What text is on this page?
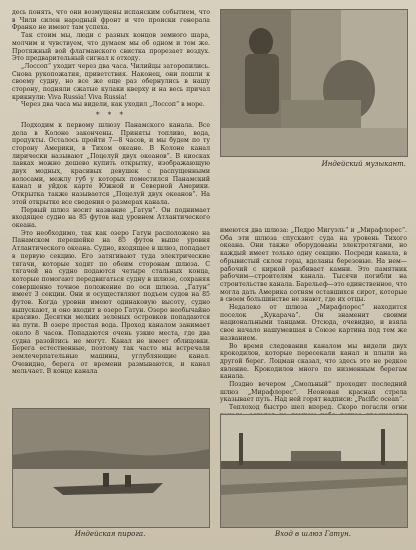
десь понять, что они возмущены испанским событием, что в Чили силен народный фронт и что происки генерала Франко не имеют там успеха.

Так стоим мы, люди с разных концов земного шара, молчим и чувствуем, что думаем мы об одном и том же. Протяжный вой флагманского свистка прорезает воздух. Это предварительный сигнал к отходу.

„Лоссоп“ уходит через два часа. Чилийцы заторопились. Снова рукопожатия, приветствия. Наконец, они пошли к своему судну, но все же еще раз обернулись в нашу сторону, подняли сжатые кулаки кверху и на весь причал крикнули: Viva Russia! Viva Russia!

Через два часа мы видели, как уходил „Лоссоп“ в море.

* * *

Подходим к первому шлюзу Панамского канала. Все дела в Колоне закончены. Приняты топливо, вода, продукты. Осталось пройти 7—8 часов, и мы будем по ту сторону Америки, в Тихом океане. В Колоне канал лирически называют „Поцелуй двух океанов“. В киосках лавках можно дешево купить открытку, изображающую двух модных, красивых девушек с распущенными волосами, межлу губ у которых поместился Панамский канал и уйдок карте Южной и Северной Америки. Открытка также называется „Поцелуй двух океанов“. На этой открытке все сведения о размерах канала.

Первый шлюз носит название „Гатун“. Он поднимает входящее судно на 85 футов над уровнем Атлантического океана.

Это необходимо, так как озеро Гатун расположено на Панамском перешейке на 85 футов выше уровня Атлантического океана. Судно, входящее в шлюз, попадает в первую секцию. Его затягивают туда электрические тягачи, которые ходят по обеим сторонам шлюза. С тягачей на судно подаются четыре стальных конца, которые помогают передвигаться судну в шлюзе, сохраняя совершенно точное положение по оси шлюза. „Гатун“ имеет 3 секции. Они и осуществляют подъем судов на 85 футов. Когда уровни имеют одинаковую высоту, судно выпускают, и оно входит в озеро Гатун. Озеро необычайно красиво. Десятки мелких зеленых островков попадаются на пути. В озере престая вода. Проход каналом занимает около 8 часов. Попадаются очень узкие места, где два судна разойтись не могут. Канал не имеет облицовки. Берега естественные, поэтому так часто мы встречали землечерпательные машины, углубляющие канал. Очевидно, берега от времени размываются, и канал мельчает. В конце канала

Индейский музыкант.

имеются два шлюза: „Педро Мигуэль“ и „Мирафлорес“. Оба эти шлюза спускают суда на уровень Тихого океана. Они также оборудованы электротягами, но каждый имеет только одну секцию. Посреди канала, в обрывистый склон горы, вделаны березовые. На нем—рабочий с киркой разбивает камни. Это памятник рабочим—строителям канала. Тысячи погибли на строительстве канала. Барельеф—это единственное, что могла дать Америка сотням оставшихся сирот, которые в своем большинстве не знают, где их отцы.

Недалеко от шлюза „Мирафлорес“ находится поселок „Кукарача“. Он знаменит своими национальными танцами. Отсюда, очевидно, и взяла свое начало нашумевшая в Союзе картина под тем же названием.

Во время следования каналом мы видели двух крокодилов, которые пересекали канал и плыли на другой берег. Лоцман сказал, что здесь это не редкое явление. Крокодилов много по низменным берегам канала.

Поздно вечером „Смольный“ проходит последний шлюз „Мирафлорес“. Неоновая красная стрела указывает путь. Над ней горят надписи: „Pacific ocean“.

Теплоход быстро шел вперед. Скоро погасли огни

Индейская пирога.	Вход в шлюз Гатун.
